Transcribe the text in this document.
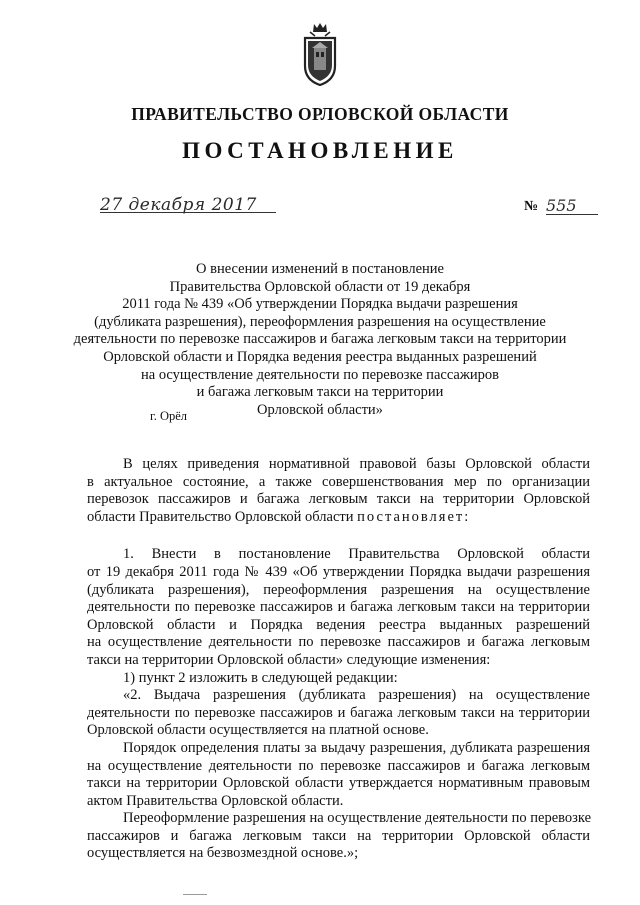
ПРАВИТЕЛЬСТВО ОРЛОВСКОЙ ОБЛАСТИ
ПОСТАНОВЛЕНИЕ
27 декабря 2017
г. Орёл
№ 555
О внесении изменений в постановление
Правительства Орловской области от 19 декабря
2011 года № 439 «Об утверждении Порядка выдачи разрешения
(дубликата разрешения), переоформления разрешения на осуществление
деятельности по перевозке пассажиров и багажа легковым такси на территории
Орловской области и Порядка ведения реестра выданных разрешений
на осуществление деятельности по перевозке пассажиров
и багажа легковым такси на территории
Орловской области»
В целях приведения нормативной правовой базы Орловской области
в актуальное состояние, а также совершенствования мер по организации
перевозок пассажиров и багажа легковым такси на территории Орловской
области Правительство Орловской области постановляет:
1. Внести в постановление Правительства Орловской области
от 19 декабря 2011 года № 439 «Об утверждении Порядка выдачи разрешения
(дубликата разрешения), переоформления разрешения на осуществление
деятельности по перевозке пассажиров и багажа легковым такси на территории
Орловской области и Порядка ведения реестра выданных разрешений
на осуществление деятельности по перевозке пассажиров и багажа легковым
такси на территории Орловской области» следующие изменения:
1) пункт 2 изложить в следующей редакции:
«2. Выдача разрешения (дубликата разрешения) на осуществление
деятельности по перевозке пассажиров и багажа легковым такси на территории
Орловской области осуществляется на платной основе.
Порядок определения платы за выдачу разрешения, дубликата разрешения
на осуществление деятельности по перевозке пассажиров и багажа легковым
такси на территории Орловской области утверждается нормативным правовым
актом Правительства Орловской области.
Переоформление разрешения на осуществление деятельности по перевозке
пассажиров и багажа легковым такси на территории Орловской области
осуществляется на безвозмездной основе.»;
